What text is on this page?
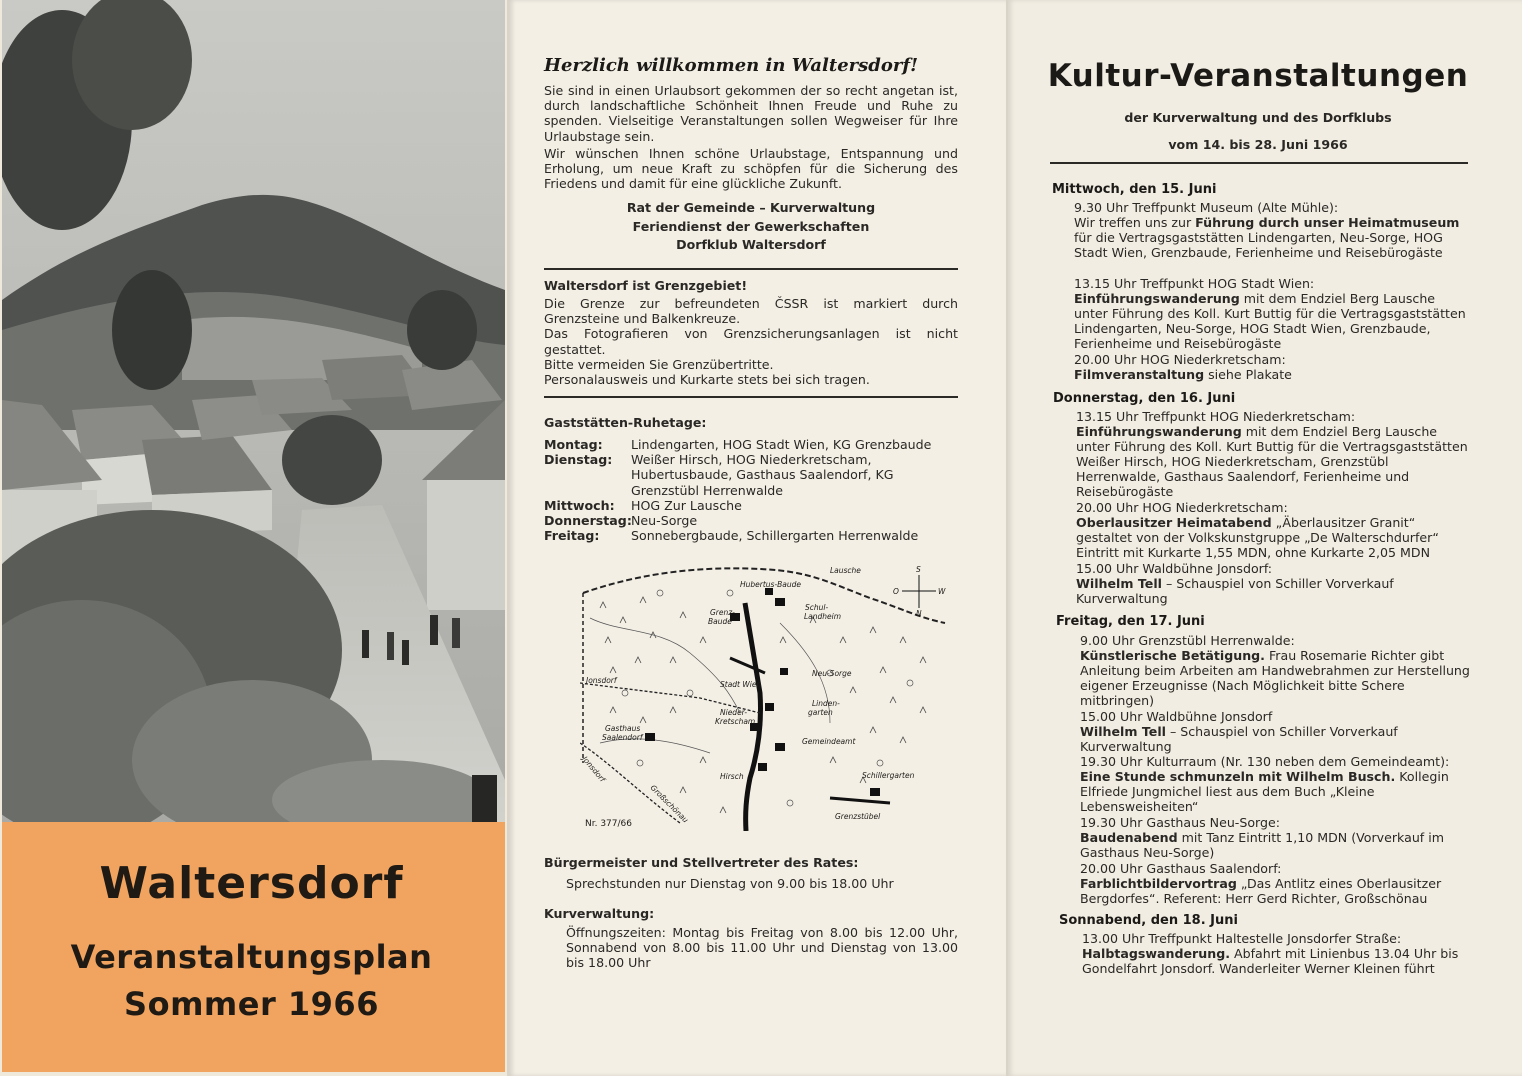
Waltersdorf
Veranstaltungsplan
Sommer 1966
Herzlich willkommen in Waltersdorf!
Sie sind in einen Urlaubsort gekommen der so recht angetan ist, durch landschaftliche Schönheit Ihnen Freude und Ruhe zu spenden. Vielseitige Veranstaltungen sollen Wegweiser für Ihre Urlaubstage sein.
Wir wünschen Ihnen schöne Urlaubstage, Entspannung und Erholung, um neue Kraft zu schöpfen für die Sicherung des Friedens und damit für eine glückliche Zukunft.
Rat der Gemeinde – Kurverwaltung
Feriendienst der Gewerkschaften
Dorfklub Waltersdorf
Waltersdorf ist Grenzgebiet!
Die Grenze zur befreundeten ČSSR ist markiert durch Grenzsteine und Balkenkreuze.
Das Fotografieren von Grenzsicherungsanlagen ist nicht gestattet.
Bitte vermeiden Sie Grenzübertritte.
Personalausweis und Kurkarte stets bei sich tragen.
Gaststätten-Ruhetage:
Montag:	Lindengarten, HOG Stadt Wien, KG Grenzbaude
Dienstag:	Weißer Hirsch, HOG Niederkretscham, Hubertusbaude, Gasthaus Saalendorf, KG Grenzstübl Herrenwalde
Mittwoch:	HOG Zur Lausche
Donnerstag: Neu-Sorge
Freitag:	Sonnebergbaude, Schillergarten Herrenwalde
S
O	W
N
Lausche
Hubertus-Baude
Schul-
Landheim
Grenz-
Baude
Jonsdorf	Stadt Wien
Neu-Sorge
Nieder-
Kretscham
Linden-
garten
Gasthaus
Saalendorf	Gemeindeamt
Jonsdorf	Hirsch	Schillergarten
Großschönau	Grenzstübel
Nr. 377/66
Bürgermeister und Stellvertreter des Rates:
Sprechstunden nur Dienstag von 9.00 bis 18.00 Uhr
Kurverwaltung:
Öffnungszeiten: Montag bis Freitag von 8.00 bis 12.00 Uhr, Sonnabend von 8.00 bis 11.00 Uhr und Dienstag von 13.00 bis 18.00 Uhr
Kultur-Veranstaltungen
der Kurverwaltung und des Dorfklubs
vom 14. bis 28. Juni 1966
Mittwoch, den 15. Juni
9.30 Uhr Treffpunkt Museum (Alte Mühle):
Wir treffen uns zur Führung durch unser Heimatmuseum für die Vertragsgaststätten Lindengarten, Neu-Sorge, HOG Stadt Wien, Grenzbaude, Ferienheime und Reisebürogäste
13.15 Uhr Treffpunkt HOG Stadt Wien:
Einführungswanderung mit dem Endziel Berg Lausche unter Führung des Koll. Kurt Buttig für die Vertragsgaststätten Lindengarten, Neu-Sorge, HOG Stadt Wien, Grenzbaude, Ferienheime und Reisebürogäste
20.00 Uhr HOG Niederkretscham:
Filmveranstaltung siehe Plakate
Donnerstag, den 16. Juni
13.15 Uhr Treffpunkt HOG Niederkretscham:
Einführungswanderung mit dem Endziel Berg Lausche unter Führung des Koll. Kurt Buttig für die Vertragsgaststätten Weißer Hirsch, HOG Niederkretscham, Grenzstübl Herrenwalde, Gasthaus Saalendorf, Ferienheime und Reisebürogäste
20.00 Uhr HOG Niederkretscham:
Oberlausitzer Heimatabend „Äberlausitzer Granit“ gestaltet von der Volkskunstgruppe „De Walterschdurfer“ Eintritt mit Kurkarte 1,55 MDN, ohne Kurkarte 2,05 MDN
15.00 Uhr Waldbühne Jonsdorf:
Wilhelm Tell – Schauspiel von Schiller Vorverkauf Kurverwaltung
Freitag, den 17. Juni
9.00 Uhr Grenzstübl Herrenwalde:
Künstlerische Betätigung. Frau Rosemarie Richter gibt Anleitung beim Arbeiten am Handwebrahmen zur Herstellung eigener Erzeugnisse (Nach Möglichkeit bitte Schere mitbringen)
15.00 Uhr Waldbühne Jonsdorf
Wilhelm Tell – Schauspiel von Schiller Vorverkauf Kurverwaltung
19.30 Uhr Kulturraum (Nr. 130 neben dem Gemeindeamt):
Eine Stunde schmunzeln mit Wilhelm Busch. Kollegin Elfriede Jungmichel liest aus dem Buch „Kleine Lebensweisheiten“
19.30 Uhr Gasthaus Neu-Sorge:
Baudenabend mit Tanz Eintritt 1,10 MDN (Vorverkauf im Gasthaus Neu-Sorge)
20.00 Uhr Gasthaus Saalendorf:
Farblichtbildervortrag „Das Antlitz eines Oberlausitzer Bergdorfes“. Referent: Herr Gerd Richter, Großschönau
Sonnabend, den 18. Juni
13.00 Uhr Treffpunkt Haltestelle Jonsdorfer Straße:
Halbtagswanderung. Abfahrt mit Linienbus 13.04 Uhr bis Gondelfahrt Jonsdorf. Wanderleiter Werner Kleinen führt
